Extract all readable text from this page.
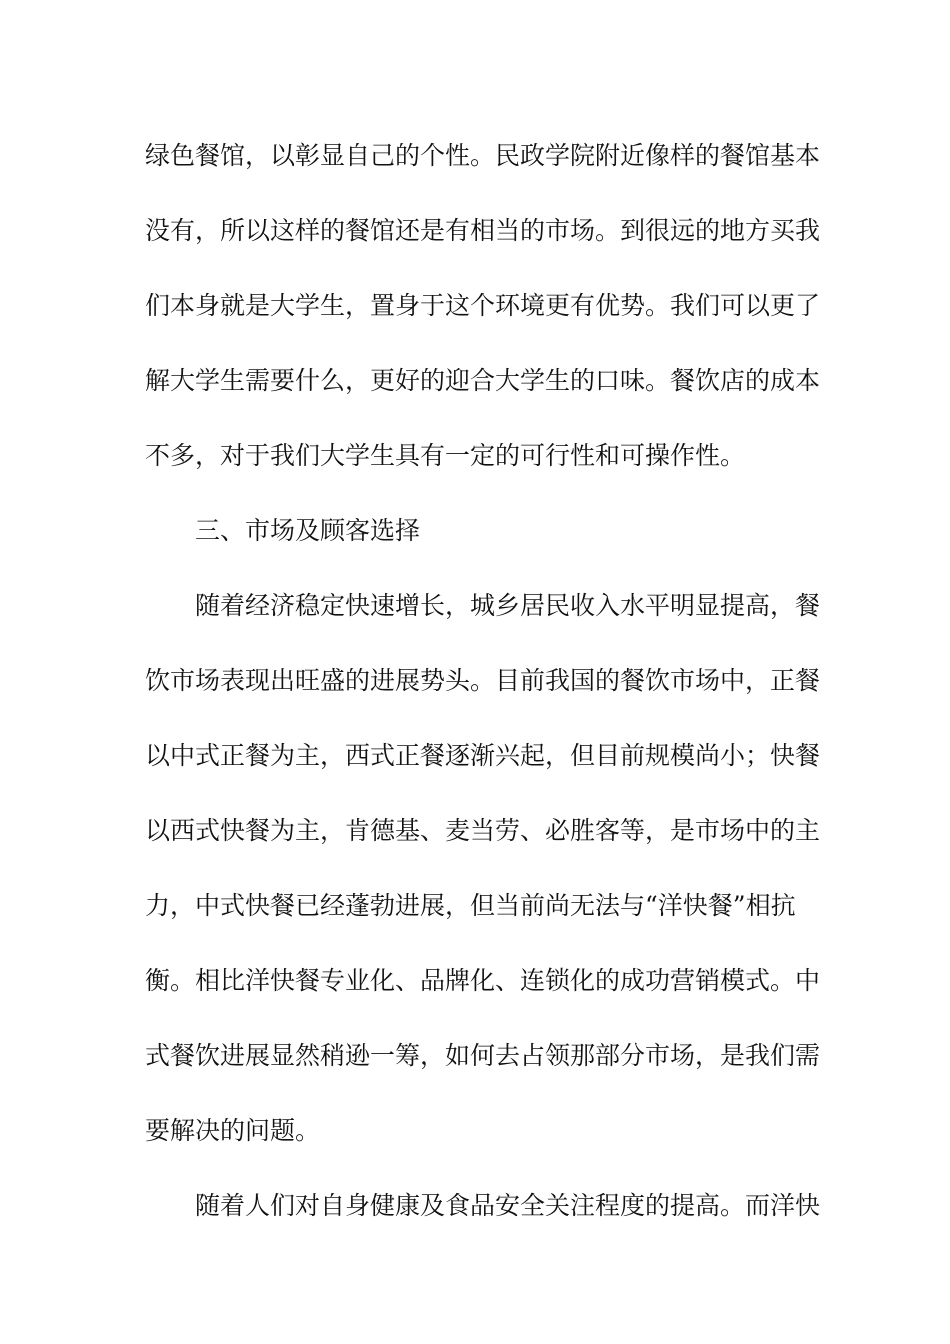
绿色餐馆，以彰显自己的个性。民政学院附近像样的餐馆基本
没有，所以这样的餐馆还是有相当的市场。到很远的地方买我
们本身就是大学生，置身于这个环境更有优势。我们可以更了
解大学生需要什么，更好的迎合大学生的口味。餐饮店的成本
不多，对于我们大学生具有一定的可行性和可操作性。
三、市场及顾客选择
随着经济稳定快速增长，城乡居民收入水平明显提高，餐
饮市场表现出旺盛的进展势头。目前我国的餐饮市场中，正餐
以中式正餐为主，西式正餐逐渐兴起，但目前规模尚小；快餐
以西式快餐为主，肯德基、麦当劳、必胜客等，是市场中的主
力，中式快餐已经蓬勃进展，但当前尚无法与“洋快餐”相抗
衡。相比洋快餐专业化、品牌化、连锁化的成功营销模式。中
式餐饮进展显然稍逊一筹，如何去占领那部分市场，是我们需
要解决的问题。
随着人们对自身健康及食品安全关注程度的提高。而洋快
